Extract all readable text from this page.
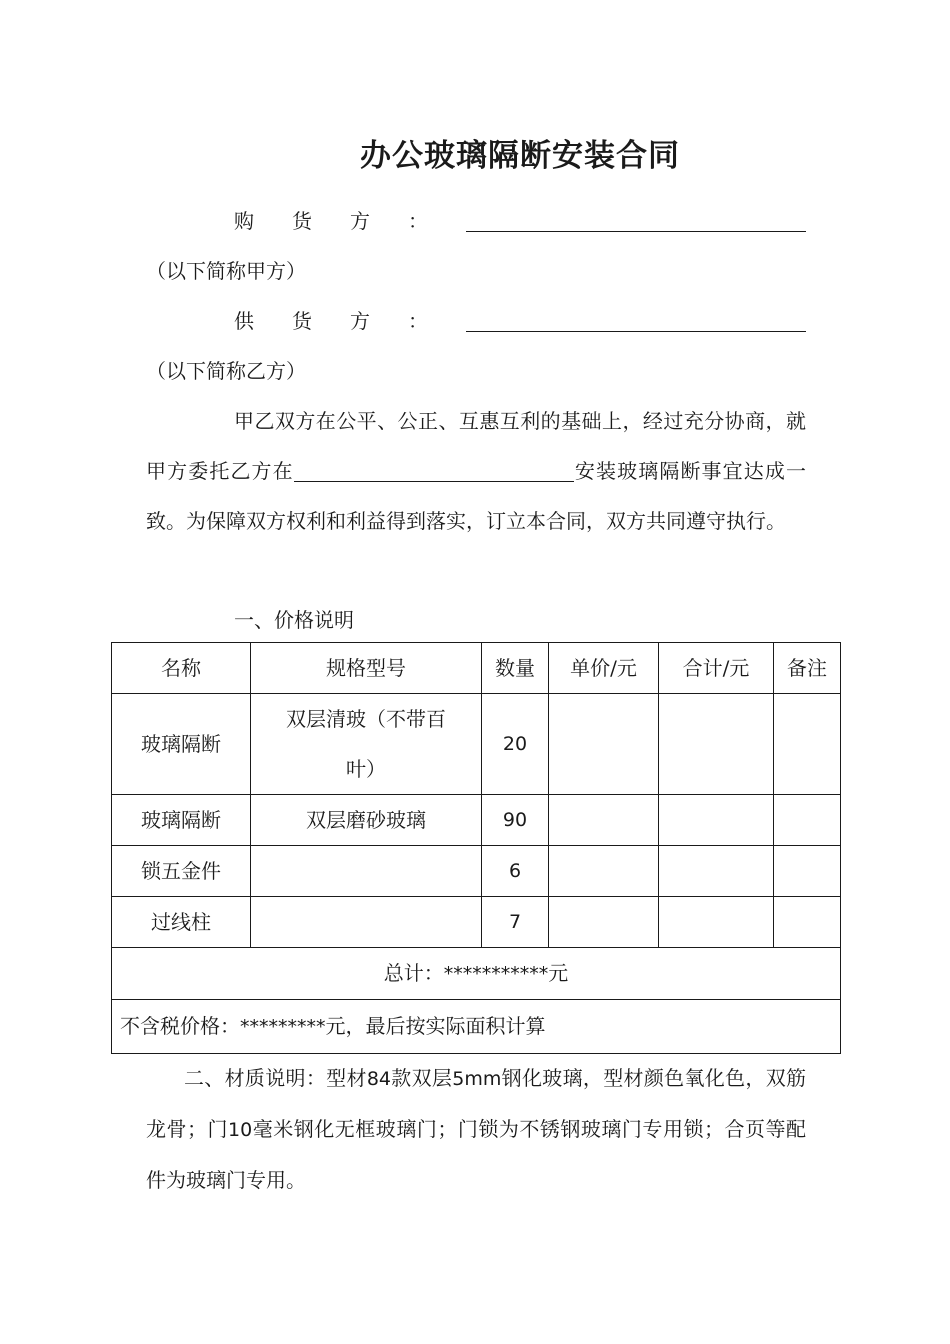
办公玻璃隔断安装合同

购货方：（以下简称甲方）

供货方：（以下简称乙方）

甲乙双方在公平、公正、互惠互利的基础上，经过充分协商，就甲方委托乙方在	安装玻璃隔断事宜达成一致。为保障双方权利和利益得到落实，订立本合同，双方共同遵守执行。

一、价格说明

名称	规格型号	数量	单价/元	合计/元	备注
玻璃隔断	双层清玻（不带百叶）	20			
玻璃隔断	双层磨砂玻璃	90			
锁五金件		6			
过线柱		7			
总计：***********元					
不含税价格：*********元，最后按实际面积计算					

二、材质说明：型材84款双层5mm钢化玻璃，型材颜色氧化色，双筋龙骨；门10毫米钢化无框玻璃门；门锁为不锈钢玻璃门专用锁；合页等配件为玻璃门专用。
